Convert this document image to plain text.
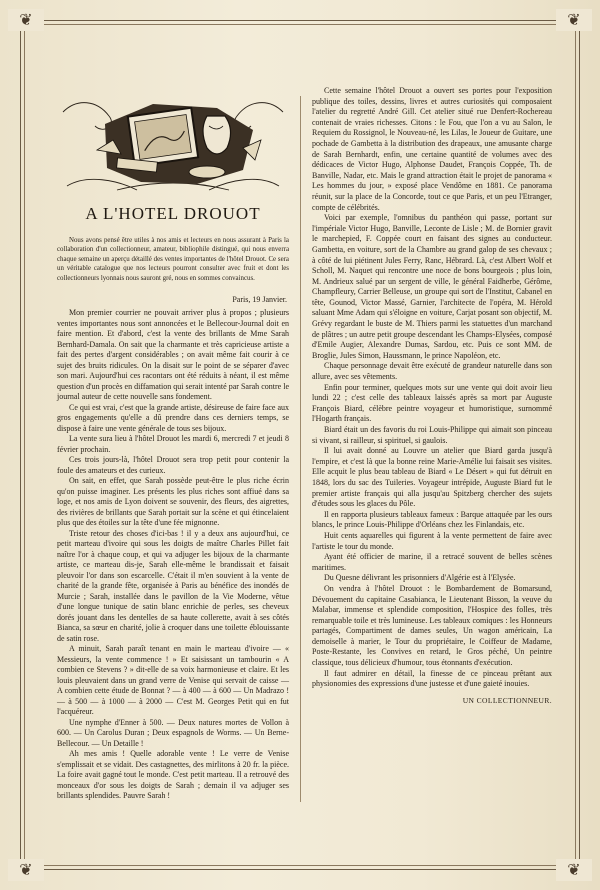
❦	❦
❦	❦
A L'HOTEL DROUOT

Nous avons pensé être utiles à nos amis et lecteurs en nous assurant à Paris la collaboration d'un collectionneur, amateur, bibliophile distingué, qui nous enverra chaque semaine un aperçu détaillé des ventes importantes de l'hôtel Drouot. Ce sera un véritable catalogue que nos lecteurs pourront consulter avec fruit et dont les collectionneurs lyonnais nous sauront gré, nous en sommes convaincus.

Paris, 19 Janvier.

Mon premier courrier ne pouvait arriver plus à propos ; plusieurs ventes importantes nous sont annoncées et le Bellecour-Journal doit en faire mention. Et d'abord, c'est la vente des brillants de Mme Sarah Bernhard-Damala. On sait que la charmante et très capricieuse artiste a fait des pertes d'argent considérables ; on avait même fait courir à ce sujet des bruits ridicules. On la disait sur le point de se séparer d'avec son mari. Aujourd'hui ces racontars ont été réduits à néant, il est même question d'un procès en diffamation qui serait intenté par Sarah contre le journal auteur de cette nouvelle sans fondement.

Ce qui est vrai, c'est que la grande artiste, désireuse de faire face aux gros engagements qu'elle a dû prendre dans ces derniers temps, se dispose à faire une vente générale de tous ses bijoux.

La vente sura lieu à l'hôtel Drouot les mardi 6, mercredi 7 et jeudi 8 février prochain.

Ces trois jours-là, l'hôtel Drouot sera trop petit pour contenir la foule des amateurs et des curieux.

On sait, en effet, que Sarah possède peut-être le plus riche écrin qu'on puisse imaginer. Les présents les plus riches sont affiué dans sa loge, et nos amis de Lyon doivent se souvenir, des fleurs, des aigrettes, des rivières de brillants que Sarah portait sur la scène et qui étincelaient plus que des étoiles sur la tête d'une fée mignonne.

Triste retour des choses d'ici-bas ! il y a deux ans aujourd'hui, ce petit marteau d'ivoire qui sous les doigts de maître Charles Pillet fait naître l'or à chaque coup, et qui va adjuger les bijoux de la charmante artiste, ce marteau dis-je, Sarah elle-même le brandissait et faisait pleuvoir l'or dans son escarcelle. C'était il m'en souvient à la vente de charité de la grande fête, organisée à Paris au bénéfice des inondés de Murcie ; Sarah, installée dans le pavillon de la Vie Moderne, vêtue d'une longue tunique de satin blanc enrichie de perles, ses cheveux dorés jouant dans les dentelles de sa haute collerette, avait à ses côtés Bianca, sa sœur en charité, jolie à croquer dans une toilette éblouissante de satin rose.

A minuit, Sarah paraît tenant en main le marteau d'ivoire — « Messieurs, la vente commence ! » Et saisissant un tambourin « A combien ce Stevens ? » dit-elle de sa voix harmonieuse et claire. Et les louis pleuvaient dans un grand verre de Venise qui servait de caisse — A combien cette étude de Bonnat ? — à 400 — à 600 — Un Madrazo ! — à 500 — à 1000 — à 2000 — C'est M. Georges Petit qui en fut l'acquéreur.

Une nymphe d'Enner à 500. — Deux natures mortes de Vollon à 600. — Un Carolus Duran ; Deux espagnols de Worms. — Un Berne-Bellecour. — Un Detaille !

Ah mes amis ! Quelle adorable vente ! Le verre de Venise s'emplissait et se vidait. Des castagnettes, des mirlitons à 20 fr. la pièce. La foire avait gagné tout le monde. C'est petit marteau. Il a retrouvé des monceaux d'or sous les doigts de Sarah ; demain il va adjuger ses brillants splendides. Pauvre Sarah !

Cette semaine l'hôtel Drouot a ouvert ses portes pour l'exposition publique des toiles, dessins, livres et autres curiosités qui composaient l'atelier du regretté André Gill. Cet atelier situé rue Denfert-Rochereau contenait de vraies richesses. Citons : le Fou, que l'on a vu au Salon, le Requiem du Rossignol, le Nouveau-né, les Lilas, le Joueur de Guitare, une pochade de Gambetta à la distribution des drapeaux, une amusante charge de Sarah Bernhardt, enfin, une certaine quantité de volumes avec des dédicaces de Victor Hugo, Alphonse Daudet, François Coppée, Th. de Banville, Nadar, etc. Mais le grand attraction était le projet de panorama « Les hommes du jour, » exposé place Vendôme en 1881. Ce panorama réunit, sur la place de la Concorde, tout ce que Paris, et un peu l'Etranger, compte de célébrités.

Voici par exemple, l'omnibus du panthéon qui passe, portant sur l'impériale Victor Hugo, Banville, Leconte de Lisle ; M. de Bornier gravit le marchepied, F. Coppée court en faisant des signes au conducteur. Gambetta, en voiture, sort de la Chambre au grand galop de ses chevaux ; à côté de lui piétinent Jules Ferry, Ranc, Hébrard. Là, c'est Albert Wolf et Scholl, M. Naquet qui rencontre une noce de bons bourgeois ; plus loin, M. Andrieux salué par un sergent de ville, le général Faidherbe, Gérôme, Champfleury, Carrier Belleuse, un groupe qui sort de l'Institut, Cabanel en tête, Gounod, Victor Massé, Garnier, l'architecte de l'opéra, M. Hérold saluant Mme Adam qui s'éloigne en voiture, Carjat posant son objectif, M. Grévy regardant le buste de M. Thiers parmi les statuettes d'un marchand de plâtres ; un autre petit groupe descendant les Champs-Elysées, composé d'Emile Augier, Alexandre Dumas, Sardou, etc. Puis ce sont MM. de Broglie, Jules Simon, Haussmann, le prince Napoléon, etc.

Chaque personnage devait être exécuté de grandeur naturelle dans son allure, avec ses vêtements.

Enfin pour terminer, quelques mots sur une vente qui doit avoir lieu lundi 22 ; c'est celle des tableaux laissés après sa mort par Auguste François Biard, célèbre peintre voyageur et humoristique, surnommé l'Hogarth français.

Biard était un des favoris du roi Louis-Philippe qui aimait son pinceau si vivant, si railleur, si spirituel, si gaulois.

Il lui avait donné au Louvre un atelier que Biard garda jusqu'à l'empire, et c'est là que la bonne reine Marie-Amélie lui faisait ses visites. Elle acquit le plus beau tableau de Biard « Le Désert » qui fut détruit en 1848, lors du sac des Tuileries. Voyageur intrépide, Auguste Biard fut le premier artiste français qui alla jusqu'au Spitzberg chercher des sujets d'études sous les glaces du Pôle.

Il en rapporta plusieurs tableaux fameux : Barque attaquée par les ours blancs, le prince Louis-Philippe d'Orléans chez les Finlandais, etc.

Huit cents aquarelles qui figurent à la vente permettent de faire avec l'artiste le tour du monde.

Ayant été officier de marine, il a retracé souvent de belles scènes maritimes.

Du Quesne délivrant les prisonniers d'Algérie est à l'Elysée.

On vendra à l'hôtel Drouot : le Bombardement de Bomarsund, Dévouement du capitaine Casabianca, le Lieutenant Bisson, la veuve du Malabar, immense et splendide composition, l'Hospice des folles, très remarquable toile et très lumineuse. Les tableaux comiques : les Honneurs partagés, Compartiment de dames seules, Un wagon américain, La demoiselle à marier, le Tour du propriétaire, le Coiffeur de Madame, Poste-Restante, les Convives en retard, le Gros péché, Un peintre classique, tous délicieux d'humour, tous étonnants d'exécution.

Il faut admirer en détail, la finesse de ce pinceau prêtant aux physionomies des expressions d'une justesse et d'une gaieté inouies.

UN COLLECTIONNEUR.
